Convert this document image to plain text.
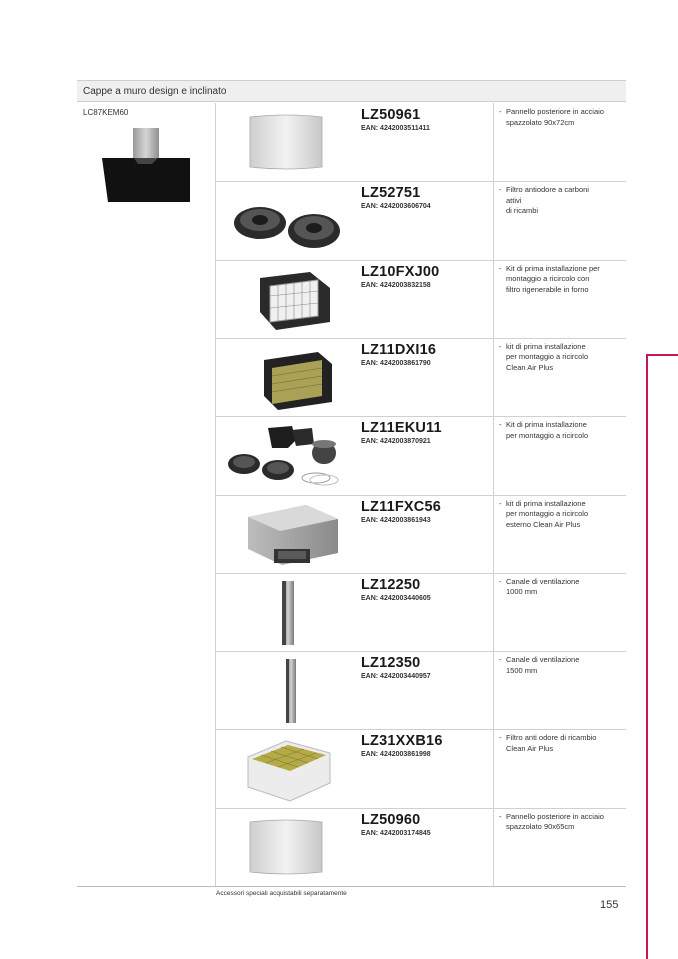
Cappe a muro design e inclinato
LC87KEM60	LZ50961
EAN: 4242003511411
- Pannello posteriore in acciaio
spazzolato 90x72cm
LZ52751
EAN: 4242003606704
- Filtro antiodore a carboni
attivi
di ricambi
LZ10FXJ00
EAN: 4242003832158
- Kit di prima installazione per
montaggio a ricircolo con
filtro rigenerabile in forno
LZ11DXI16
EAN: 4242003861790
- kit di prima installazione
per montaggio a ricircolo
Clean Air Plus
LZ11EKU11
EAN: 4242003870921
- Kit di prima installazione
per montaggio a ricircolo
LZ11FXC56
EAN: 4242003861943
- kit di prima installazione
per montaggio a ricircolo
esterno Clean Air Plus
LZ12250
EAN: 4242003440605
- Canale di ventilazione
1000 mm
LZ12350
EAN: 4242003440957
- Canale di ventilazione
1500 mm
LZ31XXB16
EAN: 4242003861998
- Filtro anti odore di ricambio
Clean Air Plus
LZ50960
EAN: 4242003174845
- Pannello posteriore in acciaio
spazzolato 90x65cm
Accessori speciali acquistabili separatamente
155
